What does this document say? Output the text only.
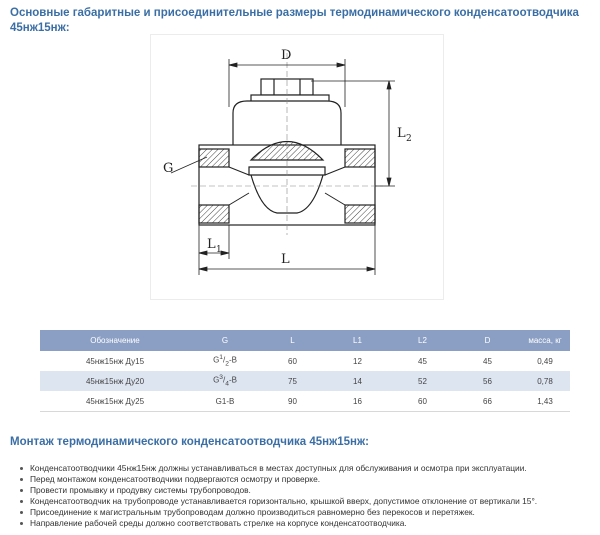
Основные габаритные и присоединительные размеры термодинамического конденсатоотводчика 45нж15нж:
D
G
L 2
L 1
L
Обозначение	G	L	L1	L2	D	масса, кг
45нж15нж Ду15	$G^1/_2-В$	60	12	45	45	0,49
45нж15нж Ду20	$G^3/_4-В$	75	14	52	56	0,78
45нж15нж Ду25	G1-В	90	16	60	66	1,43
Монтаж термодинамического конденсатоотводчика 45нж15нж:
Конденсатоотводчики 45нж15нж должны устанавливаться в местах доступных для обслуживания и осмотра при эксплуатации.
Перед монтажом конденсатоотводчики подвергаются осмотру и проверке.
Провести промывку и продувку системы трубопроводов.
Конденсатоотводчик на трубопроводе устанавливается горизонтально, крышкой вверх, допустимое отклонение от вертикали 15°.
Присоединение к магистральным трубопроводам должно производиться равномерно без перекосов и перетяжек.
Направление рабочей среды должно соответствовать стрелке на корпусе конденсатоотводчика.
